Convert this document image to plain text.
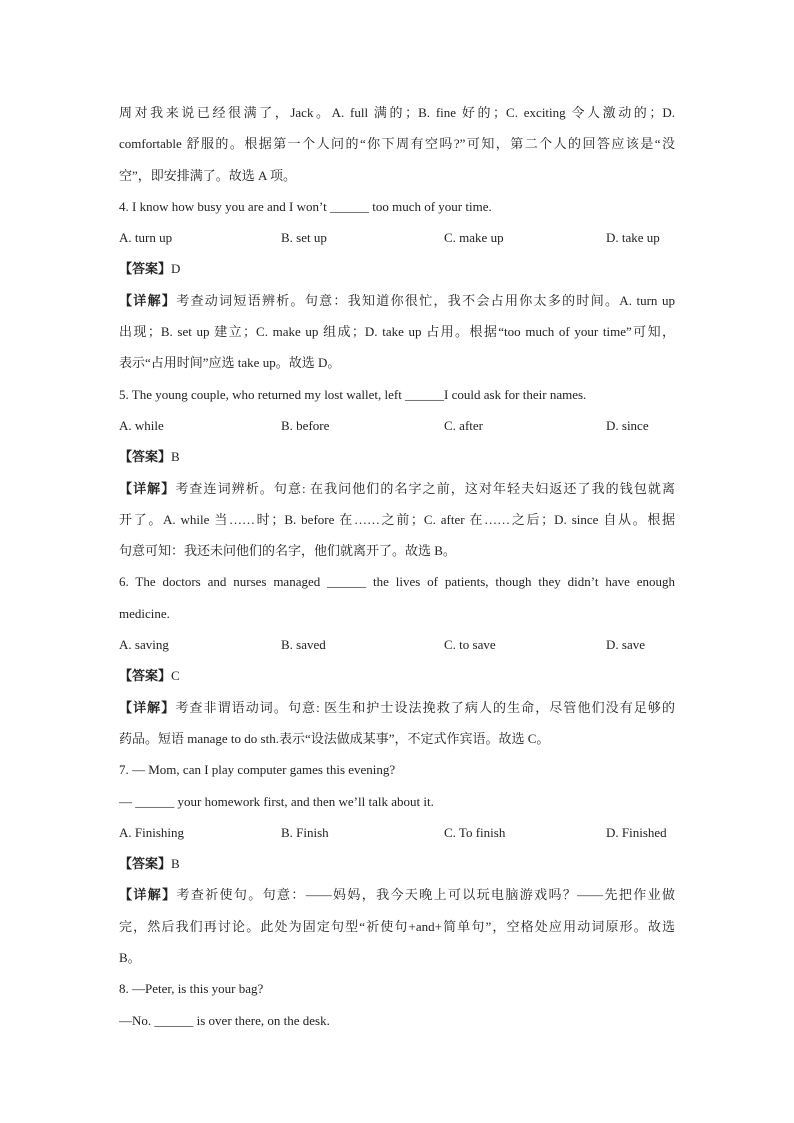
周对我来说已经很满了，Jack。A. full 满的；B. fine 好的；C. exciting 令人激动的；D.
comfortable 舒服的。根据第一个人问的“你下周有空吗?”可知，第二个人的回答应该是“没
空”，即安排满了。故选 A 项。
4. I know how busy you are and I won’t ______ too much of your time.
A. turn up	B. set up	C. make up	D. take up
【答案】D
【详解】考查动词短语辨析。句意：我知道你很忙，我不会占用你太多的时间。A. turn up
出现；B. set up 建立；C. make up 组成；D. take up 占用。根据“too much of your time”可知，
表示“占用时间”应选 take up。故选 D。
5. The young couple, who returned my lost wallet, left ______I could ask for their names.
A. while	B. before	C. after	D. since
【答案】B
【详解】考查连词辨析。句意: 在我问他们的名字之前，这对年轻夫妇返还了我的钱包就离
开了。A. while 当……时；B. before 在……之前；C. after 在……之后；D. since 自从。根据
句意可知：我还未问他们的名字，他们就离开了。故选 B。
6. The doctors and nurses managed ______ the lives of patients, though they didn’t have enough
medicine.
A. saving	B. saved	C. to save	D. save
【答案】C
【详解】考查非谓语动词。句意: 医生和护士设法挽救了病人的生命，尽管他们没有足够的
药品。短语 manage to do sth.表示“设法做成某事”，不定式作宾语。故选 C。
7. — Mom, can I play computer games this evening?
— ______ your homework first, and then we’ll talk about it.
A. Finishing	B. Finish	C. To finish	D. Finished
【答案】B
【详解】考查祈使句。句意：——妈妈，我今天晚上可以玩电脑游戏吗？——先把作业做
完，然后我们再讨论。此处为固定句型“祈使句+and+简单句”，空格处应用动词原形。故选
B。
8. —Peter, is this your bag?
—No. ______ is over there, on the desk.
